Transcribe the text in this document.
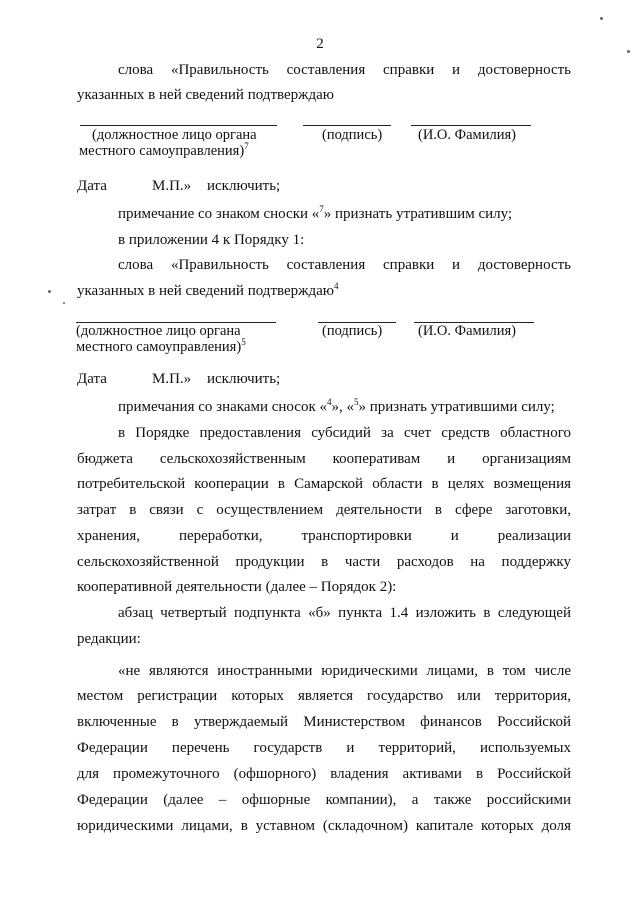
2
слова «Правильность составления справки и достоверность
указанных в ней сведений подтверждаю
(должностное лицо органа
местного самоуправления)$^7$
(подпись) (И.О. Фамилия)
Дата	М.П.» исключить;
примечание со знаком сноски «$^7$» признать утратившим силу;
в приложении 4 к Порядку 1:
слова «Правильность составления справки и достоверность
указанных в ней сведений подтверждаю$^4$
(должностное лицо органа
местного самоуправления)$^5$
(подпись) (И.О. Фамилия)
Дата	М.П.» исключить;
примечания со знаками сносок «$^4$», «$^5$» признать утратившими силу;
в Порядке предоставления субсидий за счет средств областного
бюджета сельскохозяйственным кооперативам и организациям
потребительской кооперации в Самарской области в целях возмещения
затрат в связи с осуществлением деятельности в сфере заготовки,
хранения, переработки, транспортировки и реализации
сельскохозяйственной продукции в части расходов на поддержку
кооперативной деятельности (далее – Порядок 2):
абзац четвертый подпункта «б» пункта 1.4 изложить в следующей
редакции:
«не являются иностранными юридическими лицами, в том числе
местом регистрации которых является государство или территория,
включенные в утверждаемый Министерством финансов Российской
Федерации перечень государств и территорий, используемых
для промежуточного (офшорного) владения активами в Российской
Федерации (далее – офшорные компании), а также российскими
юридическими лицами, в уставном (складочном) капитале которых доля
